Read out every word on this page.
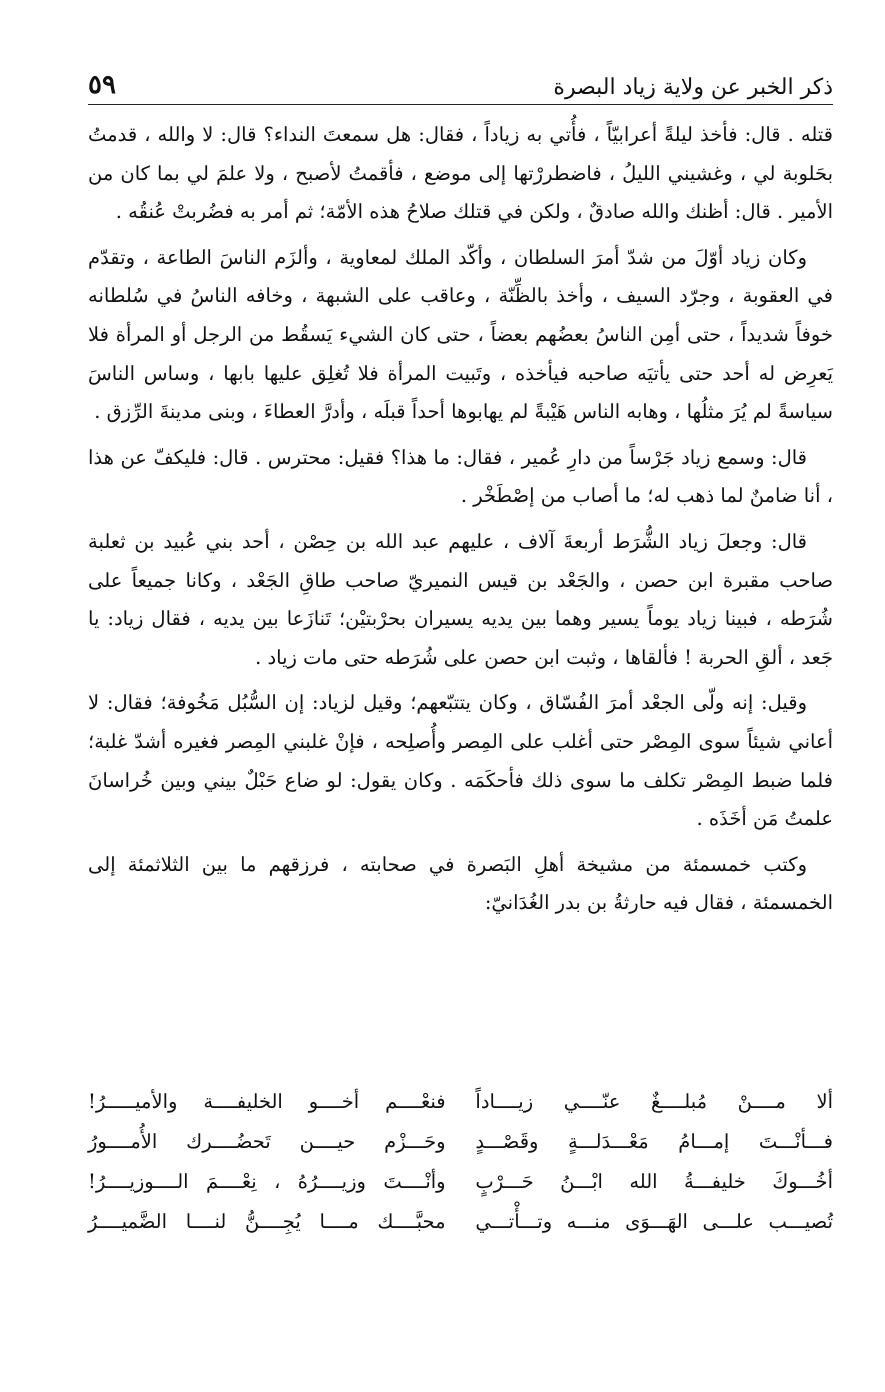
ذكر الخبر عن ولاية زياد البصرة
٥٩

قتله . قال: فأخذ ليلةً أعرابيّاً ، فأُتي به زياداً ، فقال: هل سمعتَ النداء؟ قال: لا والله ، قدمتُ بحَلوبة لي ، وغشيني الليلُ ، فاضطررْتها إلى موضع ، فأقمتُ لأصبح ، ولا علمَ لي بما كان من الأمير . قال: أظنك والله صادقٌ ، ولكن في قتلك صلاحُ هذه الأمّة؛ ثم أمر به فضُربتْ عُنقُه .

وكان زياد أوّلَ من شدّ أمرَ السلطان ، وأكّد الملك لمعاوية ، وألزَم الناسَ الطاعة ، وتقدّم في العقوبة ، وجرّد السيف ، وأخذ بالظِّنّة ، وعاقب على الشبهة ، وخافه الناسُ في سُلطانه خوفاً شديداً ، حتى أمِن الناسُ بعضُهم بعضاً ، حتى كان الشيء يَسقُط من الرجل أو المرأة فلا يَعرِض له أحد حتى يأتيَه صاحبه فيأخذه ، وتَبيت المرأة فلا تُغلِق عليها بابها ، وساس الناسَ سياسةً لم يُرَ مثلُها ، وهابه الناس هَيْبةً لم يهابوها أحداً قبلَه ، وأدرَّ العطاءَ ، وبنى مدينةَ الرِّزق .

قال: وسمع زياد جَرْساً من دارِ عُمير ، فقال: ما هذا؟ فقيل: محترس . قال: فليكفّ عن هذا ، أنا ضامنٌ لما ذهب له؛ ما أصاب من إصْطَخْر .

قال: وجعلَ زياد الشُّرَط أربعةَ آلاف ، عليهم عبد الله بن حِصْن ، أحد بني عُبيد بن ثعلبة صاحب مقبرة ابن حصن ، والجَعْد بن قيس النميريّ صاحب طاقِ الجَعْد ، وكانا جميعاً على شُرَطه ، فبينا زياد يوماً يسير وهما بين يديه يسيران بحرْبتيْن؛ تَنازَعا بين يديه ، فقال زياد: يا جَعد ، ألقِ الحربة ! فألقاها ، وثبت ابن حصن على شُرَطه حتى مات زياد .

وقيل: إنه ولّى الجعْد أمرَ الفُسّاق ، وكان يتتبّعهم؛ وقيل لزياد: إن السُّبُل مَخُوفة؛ فقال: لا أعاني شيئاً سوى المِصْر حتى أغلب على المِصر وأُصلِحه ، فإنْ غلبني المِصر فغيره أشدّ غلبة؛ فلما ضبط المِصْر تكلف ما سوى ذلك فأحكَمَه . وكان يقول: لو ضاع حَبْلٌ بيني وبين خُراسانَ علمتُ مَن أخَذَه .

وكتب خمسمئة من مشيخة أهلِ البَصرة في صحابته ، فرزقهم ما بين الثلاثمئة إلى الخمسمئة ، فقال فيه حارثةُ بن بدر الغُدَانيّ:

ألا مــــنْ مُبلــــغٌ عنّــــي زيــــاداً
فنعْــــم أخــــو الخليفــــة والأميـــــرُ!
فـــأنْـــتَ إمـــامُ مَعْـــدَلـــةٍ وقَصْـــدٍ
وحَـــزْم حيــــن تَحضُــــرك الأُمــــورُ
أخُـــوكَ خليفـــةُ الله ابْـــنُ حَـــرْبٍ
وأنْــــتَ وزيــــرُهُ ، نِعْــــمَ الــــوزيــــرُ!
تُصيـــب علـــى الهَـــوَى منـــه وتـــأْتـــي
محبَّــــك مــــا يُجِــــنُّ لنــــا الضَّميــــرُ
